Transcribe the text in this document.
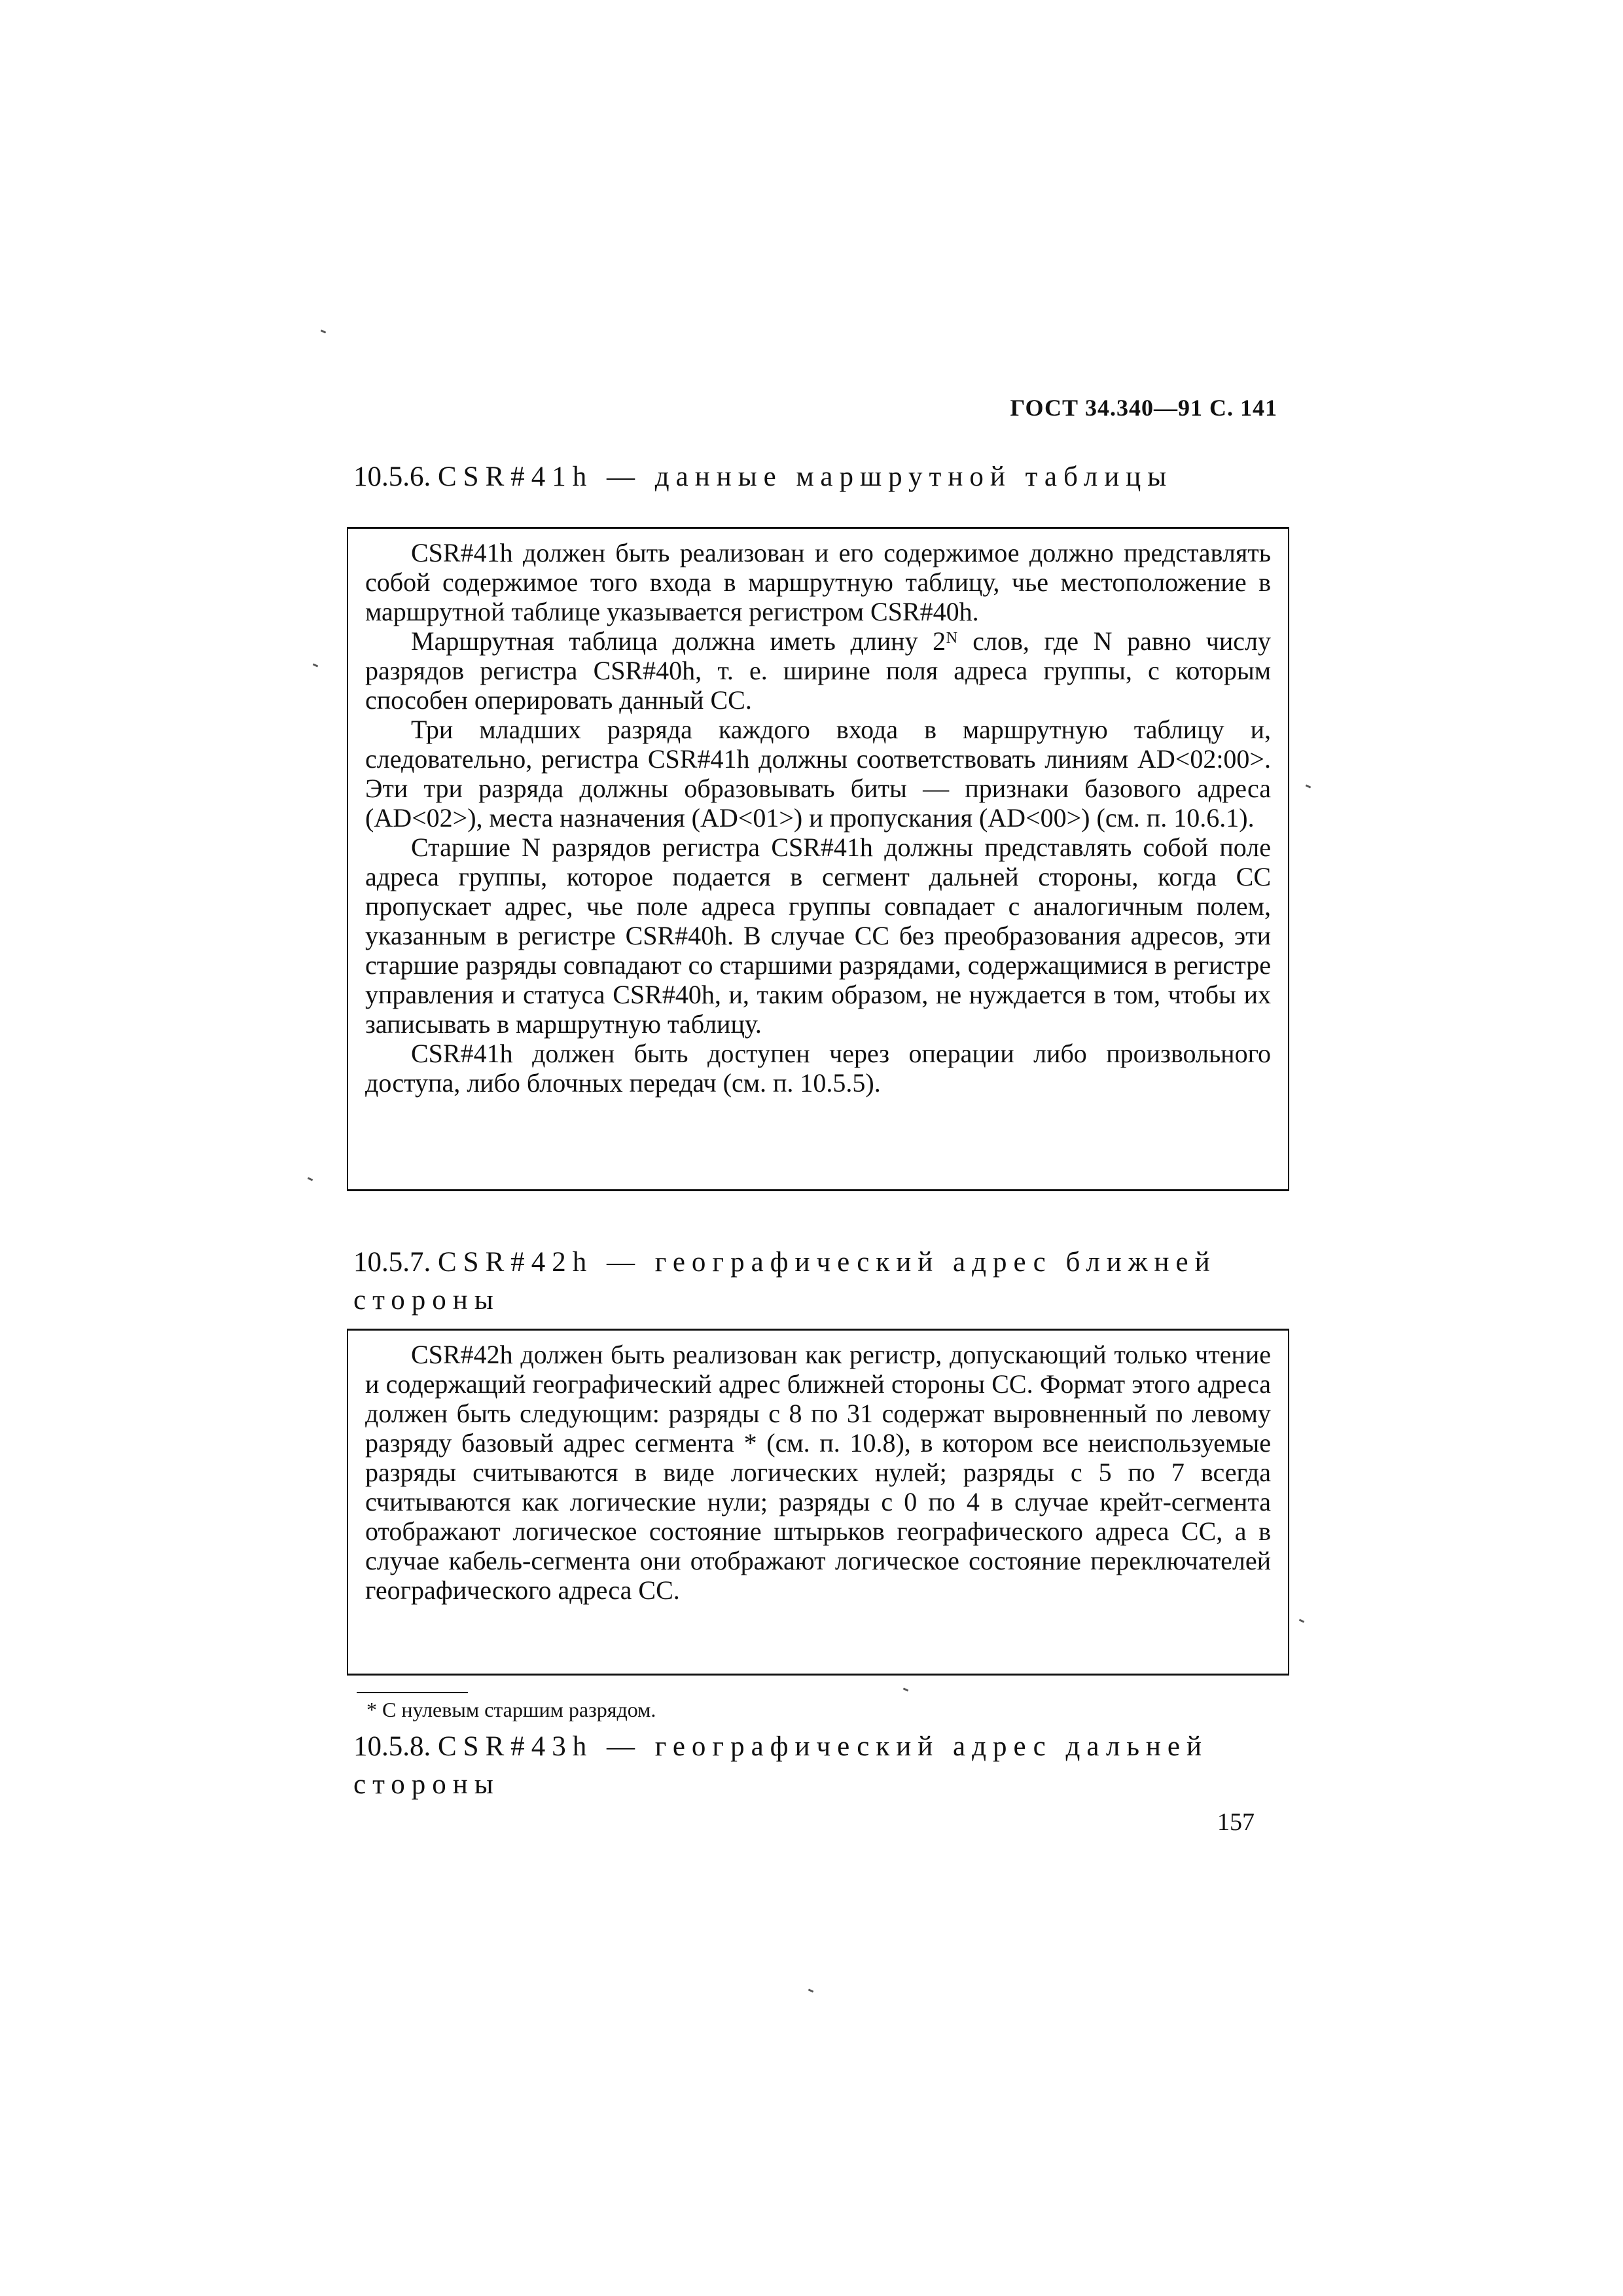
ГОСТ 34.340—91 С. 141
10.5.6. CSR#41h — данные маршрутной таблицы

CSR#41h должен быть реализован и его содержимое должно представлять собой содержимое того входа в маршрутную таблицу, чье местоположение в маршрутной таблице указывается регистром CSR#40h.

Маршрутная таблица должна иметь длину 2ᴺ слов, где N равно числу разрядов регистра CSR#40h, т. е. ширине поля адреса группы, с которым способен оперировать данный СС.

Три младших разряда каждого входа в маршрутную таблицу и, следовательно, регистра CSR#41h должны соответствовать линиям AD<02:00>. Эти три разряда должны образовывать биты — признаки базового адреса (AD<02>), места назначения (AD<01>) и пропускания (AD<00>) (см. п. 10.6.1).

Старшие N разрядов регистра CSR#41h должны представлять собой поле адреса группы, которое подается в сегмент дальней стороны, когда СС пропускает адрес, чье поле адреса группы совпадает с аналогичным полем, указанным в регистре CSR#40h. В случае СС без преобразования адресов, эти старшие разряды совпадают со старшими разрядами, содержащимися в регистре управления и статуса CSR#40h, и, таким образом, не нуждается в том, чтобы их записывать в маршрутную таблицу.

CSR#41h должен быть доступен через операции либо произвольного доступа, либо блочных передач (см. п. 10.5.5).

10.5.7. CSR#42h — географический адрес ближней стороны

CSR#42h должен быть реализован как регистр, допускающий только чтение и содержащий географический адрес ближней стороны СС. Формат этого адреса должен быть следующим: разряды с 8 по 31 содержат выровненный по левому разряду базовый адрес сегмента * (см. п. 10.8), в котором все неиспользуемые разряды считываются в виде логических нулей; разряды с 5 по 7 всегда считываются как логические нули; разряды с 0 по 4 в случае крейт-сегмента отображают логическое состояние штырьков географического адреса СС, а в случае кабель-сегмента они отображают логическое состояние переключателей географического адреса СС.

* С нулевым старшим разрядом.
10.5.8. CSR#43h — географический адрес дальней стороны
157
